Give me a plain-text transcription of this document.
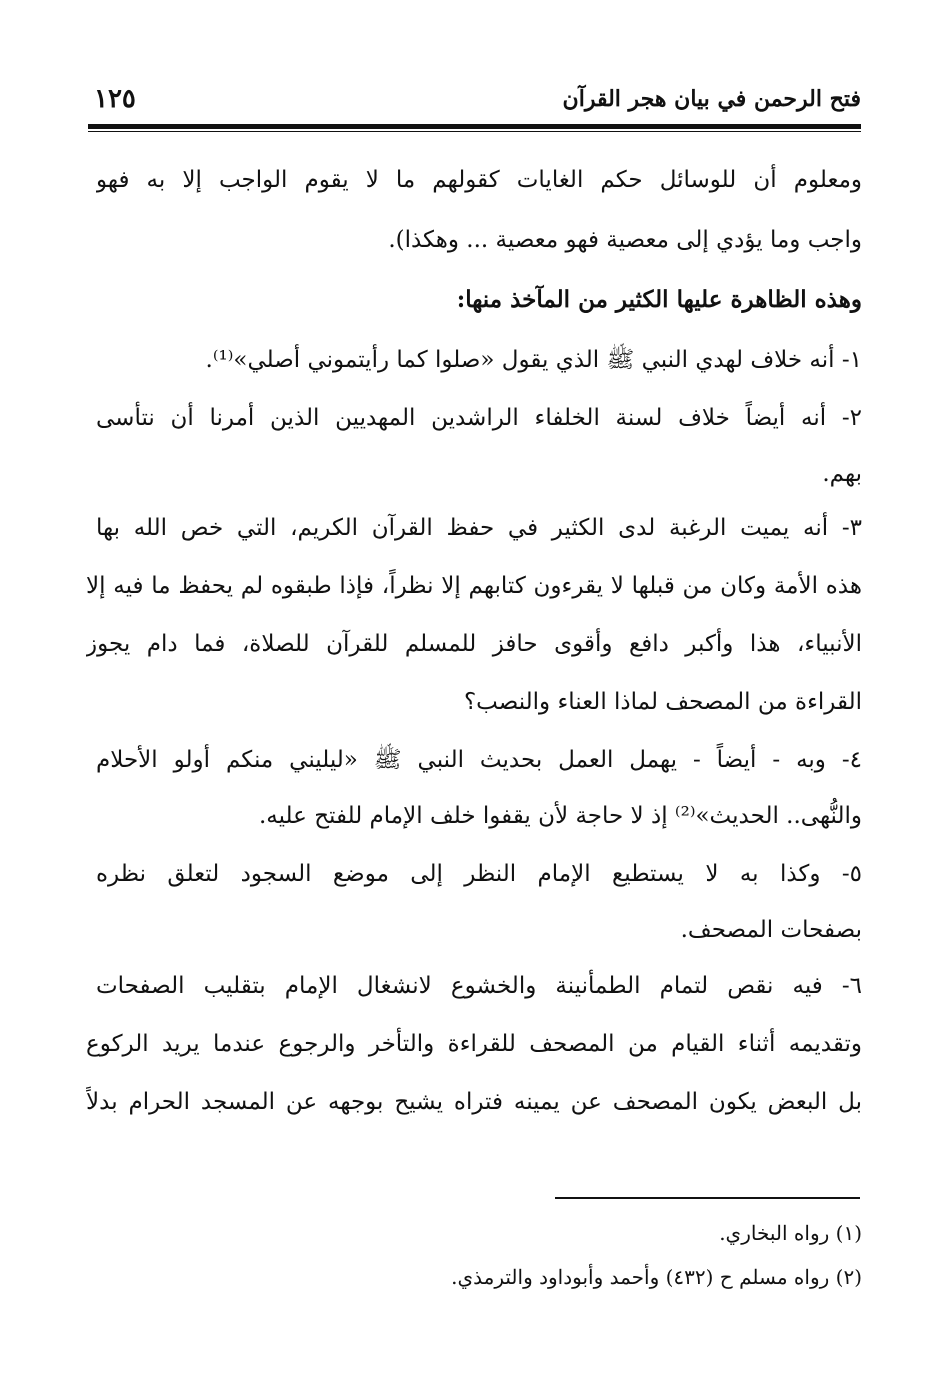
فتح الرحمن في بيان هجر القرآن
١٢٥
ومعلوم أن للوسائل حكم الغايات كقولهم ما لا يقوم الواجب إلا به فهو
واجب وما يؤدي إلى معصية فهو معصية ... وهكذا).
وهذه الظاهرة عليها الكثير من المآخذ منها:
١- أنه خلاف لهدي النبي ﷺ الذي يقول «صلوا كما رأيتموني أصلي»⁽¹⁾.
٢- أنه أيضاً خلاف لسنة الخلفاء الراشدين المهديين الذين أمرنا أن نتأسى
بهم.
٣- أنه يميت الرغبة لدى الكثير في حفظ القرآن الكريم، التي خص الله بها
هذه الأمة وكان من قبلها لا يقرءون كتابهم إلا نظراً، فإذا طبقوه لم يحفظ ما فيه إلا
الأنبياء، هذا وأكبر دافع وأقوى حافز للمسلم للقرآن للصلاة، فما دام يجوز
القراءة من المصحف لماذا العناء والنصب؟
٤- وبه - أيضاً - يهمل العمل بحديث النبي ﷺ «ليليني منكم أولو الأحلام
والنُّهى.. الحديث»⁽²⁾ إذ لا حاجة لأن يقفوا خلف الإمام للفتح عليه.
٥- وكذا به لا يستطيع الإمام النظر إلى موضع السجود لتعلق نظره
بصفحات المصحف.
٦- فيه نقص لتمام الطمأنينة والخشوع لانشغال الإمام بتقليب الصفحات
وتقديمه أثناء القيام من المصحف للقراءة والتأخر والرجوع عندما يريد الركوع
بل البعض يكون المصحف عن يمينه فتراه يشيح بوجهه عن المسجد الحرام بدلاً
(١) رواه البخاري.
(٢) رواه مسلم ح (٤٣٢) وأحمد وأبوداود والترمذي.
